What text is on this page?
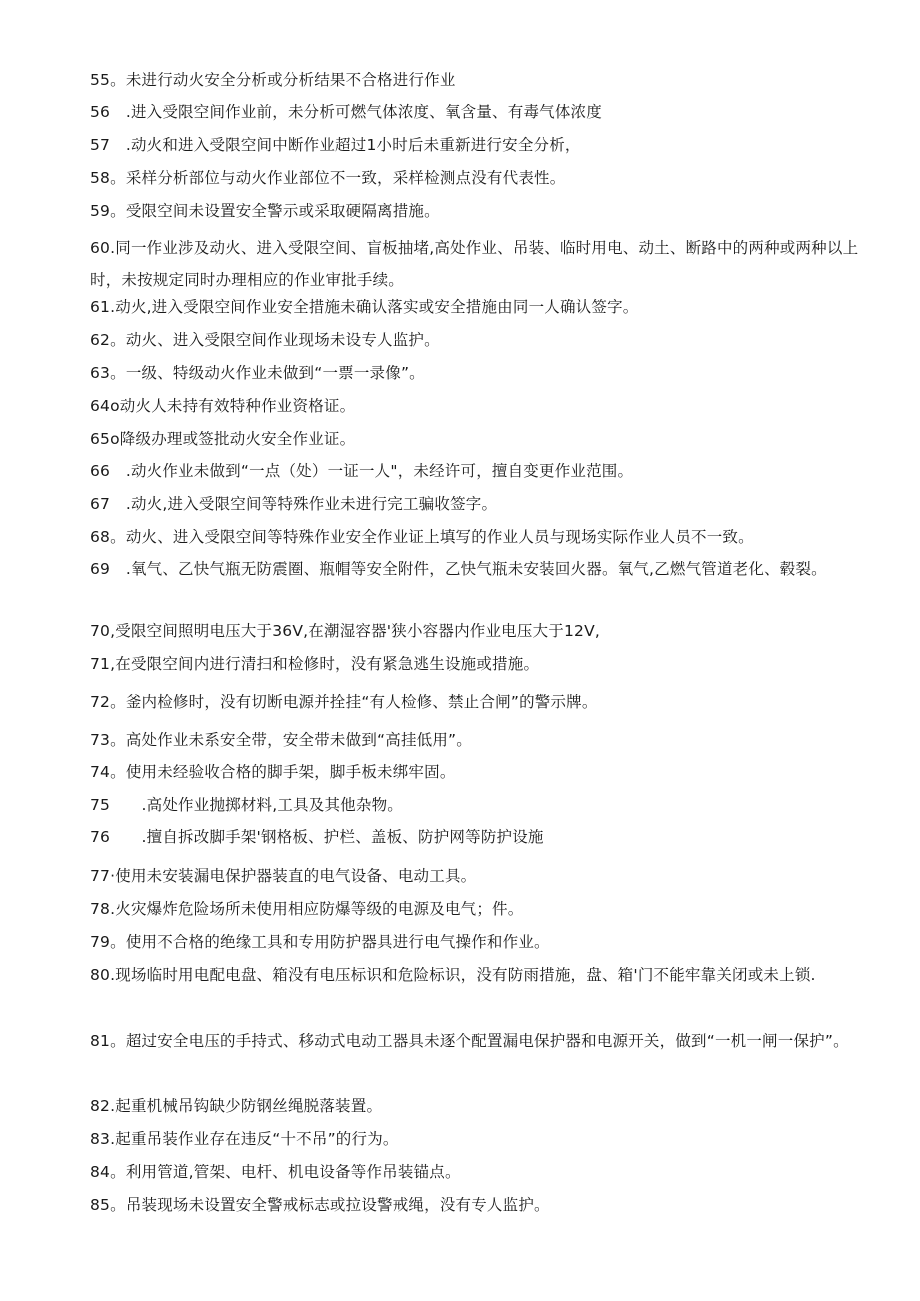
55。未进行动火安全分析或分析结果不合格进行作业
56　.进入受限空间作业前，未分析可燃气体浓度、氧含量、有毒气体浓度
57　.动火和进入受限空间中断作业超过1小时后未重新进行安全分析，
58。采样分析部位与动火作业部位不一致，采样检测点没有代表性。
59。受限空间未设置安全警示或采取硬隔离措施。
60.同一作业涉及动火、进入受限空间、盲板抽堵,高处作业、吊装、临时用电、动土、断路中的两种或两种以上时，未按规定同时办理相应的作业审批手续。
61.动火,进入受限空间作业安全措施未确认落实或安全措施由同一人确认签字。
62。动火、进入受限空间作业现场未设专人监护。
63。一级、特级动火作业未做到“一票一录像”。
64o动火人未持有效特种作业资格证。
65o降级办理或签批动火安全作业证。
66　.动火作业未做到“一点（处）一证一人"，未经许可，擅自变更作业范围。
67　.动火,进入受限空间等特殊作业未进行完工骗收签字。
68。动火、进入受限空间等特殊作业安全作业证上填写的作业人员与现场实际作业人员不一致。
69　.氧气、乙快气瓶无防震圈、瓶帽等安全附件，乙快气瓶未安装回火器。氧气,乙燃气管道老化、毂裂。
70,受限空间照明电压大于36V,在潮湿容器'狭小容器内作业电压大于12V,
71,在受限空间内进行清扫和检修时，没有紧急逃生设施或措施。
72。釜内检修时，没有切断电源并拴挂“有人检修、禁止合闸”的警示牌。
73。高处作业未系安全带，安全带未做到“高挂低用”。
74。使用未经验收合格的脚手架，脚手板未绑牢固。
75　　.高处作业抛掷材料,工具及其他杂物。
76　　.擅自拆改脚手架'钢格板、护栏、盖板、防护网等防护设施
77·使用未安装漏电保护器装直的电气设备、电动工具。
78.火灾爆炸危险场所未使用相应防爆等级的电源及电气；件。
79。使用不合格的绝缘工具和专用防护器具进行电气操作和作业。
80.现场临时用电配电盘、箱没有电压标识和危险标识，没有防雨措施，盘、箱'门不能牢靠关闭或未上锁.
81。超过安全电压的手持式、移动式电动工器具未逐个配置漏电保护器和电源开关，做到“一机一闸一保护”。
82.起重机械吊钩缺少防钢丝绳脱落装置。
83.起重吊装作业存在违反“十不吊”的行为。
84。利用管道,管架、电杆、机电设备等作吊装锚点。
85。吊装现场未设置安全警戒标志或拉设警戒绳，没有专人监护。
